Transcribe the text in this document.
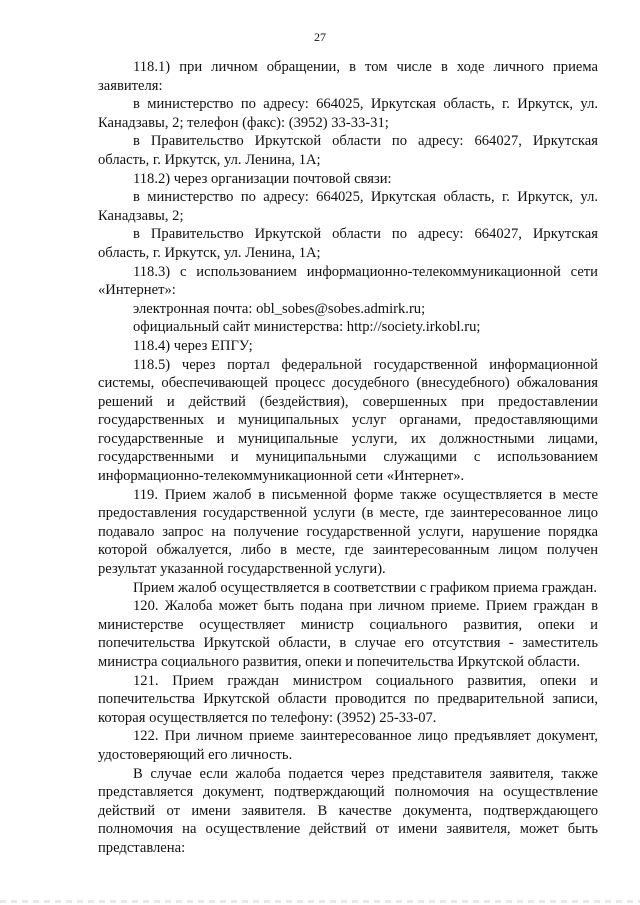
27

118.1) при личном обращении, в том числе в ходе личного приема заявителя:

в министерство по адресу: 664025, Иркутская область, г. Иркутск, ул. Канадзавы, 2; телефон (факс): (3952) 33-33-31;

в Правительство Иркутской области по адресу: 664027, Иркутская область, г. Иркутск, ул. Ленина, 1А;

118.2) через организации почтовой связи:

в министерство по адресу: 664025, Иркутская область, г. Иркутск, ул. Канадзавы, 2;

в Правительство Иркутской области по адресу: 664027, Иркутская область, г. Иркутск, ул. Ленина, 1А;

118.3) с использованием информационно-телекоммуникационной сети «Интернет»:

электронная почта: obl_sobes@sobes.admirk.ru;

официальный сайт министерства: http://society.irkobl.ru;

118.4) через ЕПГУ;

118.5) через портал федеральной государственной информационной системы, обеспечивающей процесс досудебного (внесудебного) обжалования решений и действий (бездействия), совершенных при предоставлении государственных и муниципальных услуг органами, предоставляющими государственные и муниципальные услуги, их должностными лицами, государственными и муниципальными служащими с использованием информационно-телекоммуникационной сети «Интернет».

119. Прием жалоб в письменной форме также осуществляется в месте предоставления государственной услуги (в месте, где заинтересованное лицо подавало запрос на получение государственной услуги, нарушение порядка которой обжалуется, либо в месте, где заинтересованным лицом получен результат указанной государственной услуги).

Прием жалоб осуществляется в соответствии с графиком приема граждан.

120. Жалоба может быть подана при личном приеме. Прием граждан в министерстве осуществляет министр социального развития, опеки и попечительства Иркутской области, в случае его отсутствия - заместитель министра социального развития, опеки и попечительства Иркутской области.

121. Прием граждан министром социального развития, опеки и попечительства Иркутской области проводится по предварительной записи, которая осуществляется по телефону: (3952) 25-33-07.

122. При личном приеме заинтересованное лицо предъявляет документ, удостоверяющий его личность.

В случае если жалоба подается через представителя заявителя, также представляется документ, подтверждающий полномочия на осуществление действий от имени заявителя. В качестве документа, подтверждающего полномочия на осуществление действий от имени заявителя, может быть представлена:
